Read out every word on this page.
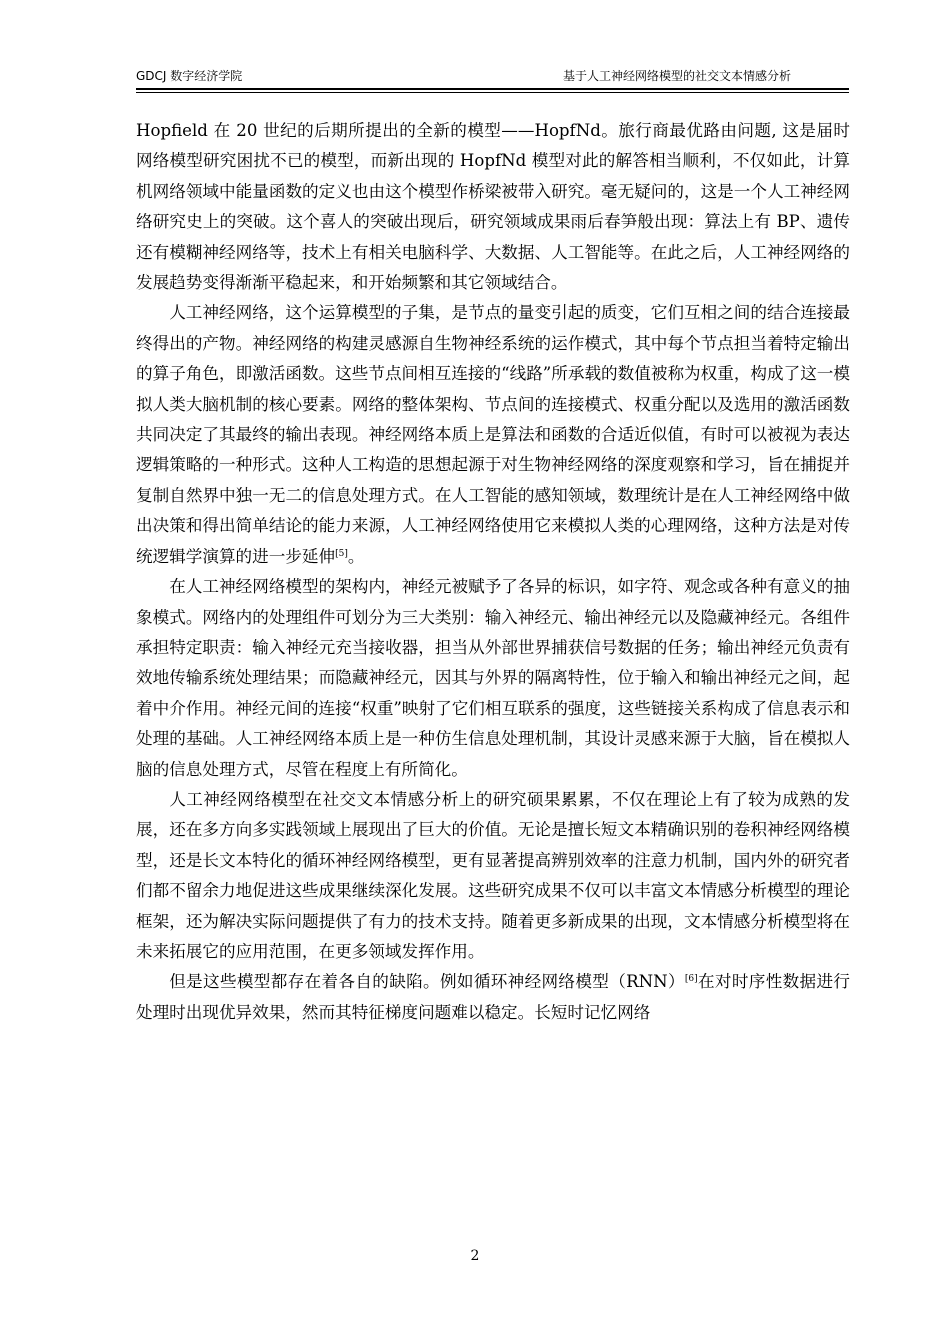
GDCJ 数字经济学院	基于人工神经网络模型的社交文本情感分析

Hopfield 在 20 世纪的后期所提出的全新的模型——HopfNd。旅行商最优路由问题, 这是届时网络模型研究困扰不已的模型，而新出现的 HopfNd 模型对此的解答相当顺利，不仅如此，计算机网络领域中能量函数的定义也由这个模型作桥梁被带入研究。毫无疑问的，这是一个人工神经网络研究史上的突破。这个喜人的突破出现后，研究领域成果雨后春笋般出现：算法上有 BP、遗传还有模糊神经网络等，技术上有相关电脑科学、大数据、人工智能等。在此之后，人工神经网络的发展趋势变得渐渐平稳起来，和开始频繁和其它领域结合。

人工神经网络，这个运算模型的子集，是节点的量变引起的质变，它们互相之间的结合连接最终得出的产物。神经网络的构建灵感源自生物神经系统的运作模式，其中每个节点担当着特定输出的算子角色，即激活函数。这些节点间相互连接的“线路”所承载的数值被称为权重，构成了这一模拟人类大脑机制的核心要素。网络的整体架构、节点间的连接模式、权重分配以及选用的激活函数共同决定了其最终的输出表现。神经网络本质上是算法和函数的合适近似值，有时可以被视为表达逻辑策略的一种形式。这种人工构造的思想起源于对生物神经网络的深度观察和学习，旨在捕捉并复制自然界中独一无二的信息处理方式。在人工智能的感知领域，数理统计是在人工神经网络中做出决策和得出简单结论的能力来源，人工神经网络使用它来模拟人类的心理网络，这种方法是对传统逻辑学演算的进一步延伸[5]。

在人工神经网络模型的架构内，神经元被赋予了各异的标识，如字符、观念或各种有意义的抽象模式。网络内的处理组件可划分为三大类别：输入神经元、输出神经元以及隐藏神经元。各组件承担特定职责：输入神经元充当接收器，担当从外部世界捕获信号数据的任务；输出神经元负责有效地传输系统处理结果；而隐藏神经元，因其与外界的隔离特性，位于输入和输出神经元之间，起着中介作用。神经元间的连接“权重”映射了它们相互联系的强度，这些链接关系构成了信息表示和处理的基础。人工神经网络本质上是一种仿生信息处理机制，其设计灵感来源于大脑，旨在模拟人脑的信息处理方式，尽管在程度上有所简化。

人工神经网络模型在社交文本情感分析上的研究硕果累累，不仅在理论上有了较为成熟的发展，还在多方向多实践领域上展现出了巨大的价值。无论是擅长短文本精确识别的卷积神经网络模型，还是长文本特化的循环神经网络模型，更有显著提高辨别效率的注意力机制，国内外的研究者们都不留余力地促进这些成果继续深化发展。这些研究成果不仅可以丰富文本情感分析模型的理论框架，还为解决实际问题提供了有力的技术支持。随着更多新成果的出现，文本情感分析模型将在未来拓展它的应用范围，在更多领域发挥作用。

但是这些模型都存在着各自的缺陷。例如循环神经网络模型（RNN）[6]在对时序性数据进行处理时出现优异效果，然而其特征梯度问题难以稳定。长短时记忆网络

2
